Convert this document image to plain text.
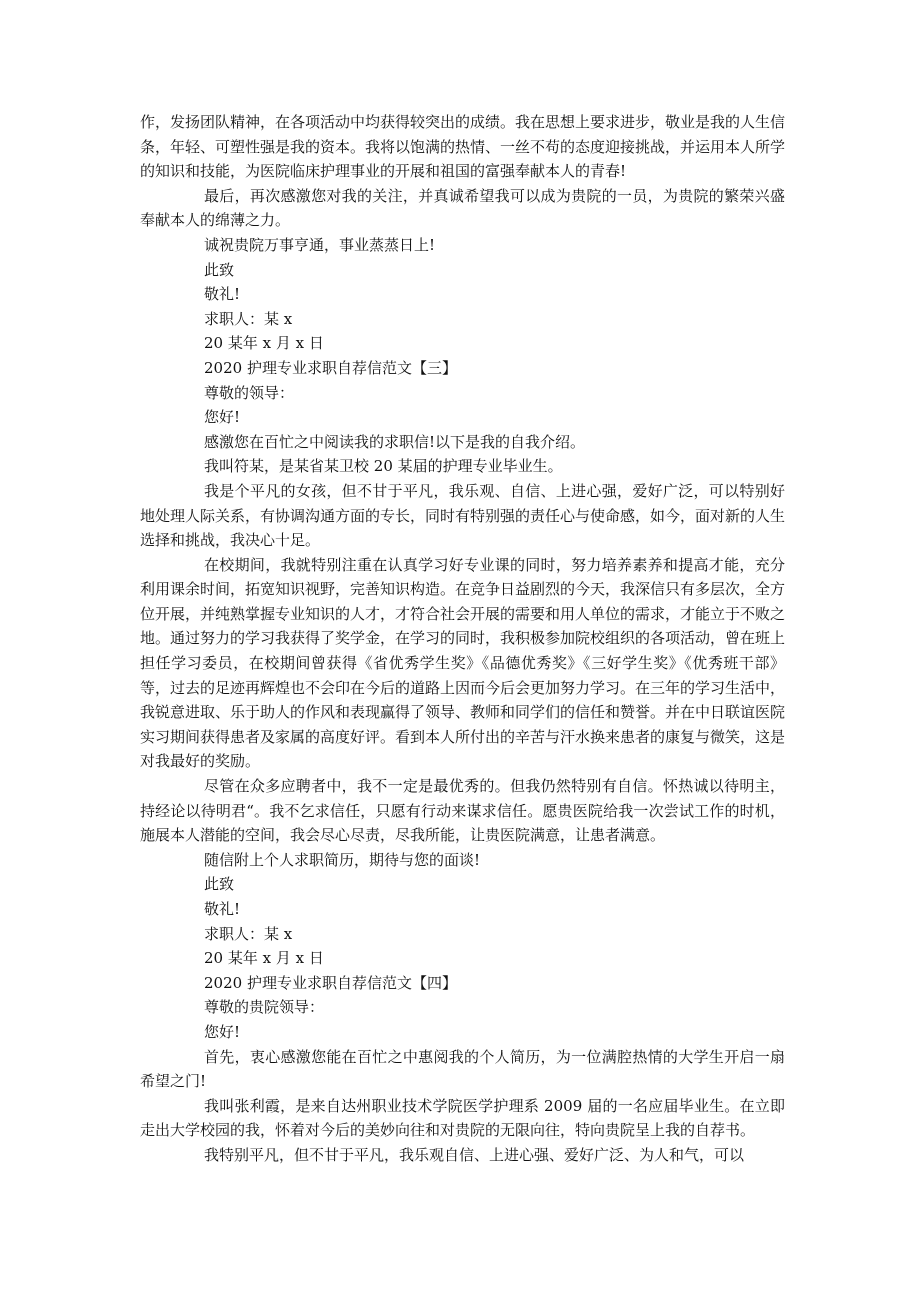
作，发扬团队精神，在各项活动中均获得较突出的成绩。我在思想上要求进步，敬业是我的人生信条，年轻、可塑性强是我的资本。我将以饱满的热情、一丝不苟的态度迎接挑战，并运用本人所学的知识和技能，为医院临床护理事业的开展和祖国的富强奉献本人的青春!

最后，再次感激您对我的关注，并真诚希望我可以成为贵院的一员，为贵院的繁荣兴盛奉献本人的绵薄之力。

诚祝贵院万事亨通，事业蒸蒸日上!

此致

敬礼!

求职人：某 x

20 某年 x 月 x 日

2020 护理专业求职自荐信范文【三】

尊敬的领导：

您好!

感激您在百忙之中阅读我的求职信!以下是我的自我介绍。

我叫符某，是某省某卫校 20 某届的护理专业毕业生。

我是个平凡的女孩，但不甘于平凡，我乐观、自信、上进心强，爱好广泛，可以特别好地处理人际关系，有协调沟通方面的专长，同时有特别强的责任心与使命感，如今，面对新的人生选择和挑战，我决心十足。

在校期间，我就特别注重在认真学习好专业课的同时，努力培养素养和提高才能，充分利用课余时间，拓宽知识视野，完善知识构造。在竞争日益剧烈的今天，我深信只有多层次，全方位开展，并纯熟掌握专业知识的人才，才符合社会开展的需要和用人单位的需求，才能立于不败之地。通过努力的学习我获得了奖学金，在学习的同时，我积极参加院校组织的各项活动，曾在班上担任学习委员，在校期间曾获得《省优秀学生奖》《品德优秀奖》《三好学生奖》《优秀班干部》等，过去的足迹再辉煌也不会印在今后的道路上因而今后会更加努力学习。在三年的学习生活中，我锐意进取、乐于助人的作风和表现赢得了领导、教师和同学们的信任和赞誉。并在中日联谊医院实习期间获得患者及家属的高度好评。看到本人所付出的辛苦与汗水换来患者的康复与微笑，这是对我最好的奖励。

尽管在众多应聘者中，我不一定是最优秀的。但我仍然特别有自信。怀热诚以待明主，持经论以待明君“。我不乞求信任，只愿有行动来谋求信任。愿贵医院给我一次尝试工作的时机，施展本人潜能的空间，我会尽心尽责，尽我所能，让贵医院满意，让患者满意。

随信附上个人求职简历，期待与您的面谈!

此致

敬礼!

求职人：某 x

20 某年 x 月 x 日

2020 护理专业求职自荐信范文【四】

尊敬的贵院领导：

您好!

首先，衷心感激您能在百忙之中惠阅我的个人简历，为一位满腔热情的大学生开启一扇希望之门!

我叫张利霞，是来自达州职业技术学院医学护理系 2009 届的一名应届毕业生。在立即走出大学校园的我，怀着对今后的美妙向往和对贵院的无限向往，特向贵院呈上我的自荐书。

我特别平凡，但不甘于平凡，我乐观自信、上进心强、爱好广泛、为人和气，可以
